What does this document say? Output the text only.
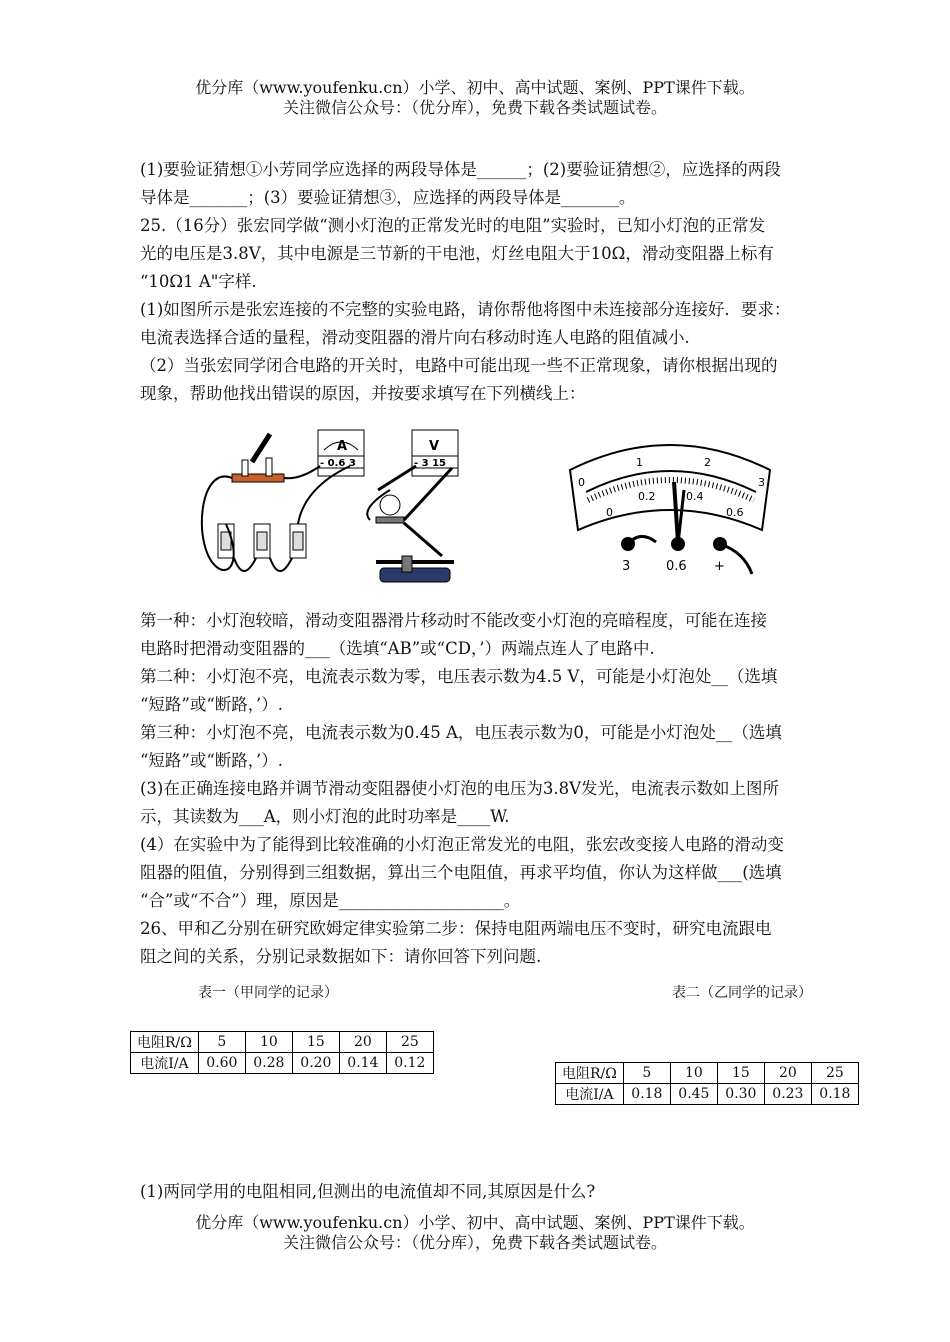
优分库（www.youfenku.cn）小学、初中、高中试题、案例、PPT课件下载。
关注微信公众号：（优分库），免费下载各类试题试卷。
(1)要验证猜想①小芳同学应选择的两段导体是______；(2)要验证猜想②，应选择的两段
导体是_______；(3）要验证猜想③，应选择的两段导体是_______。
25.（16分）张宏同学做“测小灯泡的正常发光时的电阻”实验时，已知小灯泡的正常发
光的电压是3.8V，其中电源是三节新的干电池，灯丝电阻大于10Ω，滑动变阻器上标有
“10Ω1 A"字样.
(1)如图所示是张宏连接的不完整的实验电路，请你帮他将图中未连接部分连接好．要求：
电流表选择合适的量程，滑动变阻器的滑片向右移动时连人电路的阻值减小.
（2）当张宏同学闭合电路的开关时，电路中可能出现一些不正常现象，请你根据出现的
现象，帮助他找出错误的原因，并按要求填写在下列横线上：
A
- 0.6 3
V
- 3 15
0
1	2
3
0
0.2	0.4
0.6
3	0.6 +
第一种：小灯泡较暗，滑动变阻器滑片移动时不能改变小灯泡的亮暗程度，可能在连接
电路时把滑动变阻器的___（选填“AB”或“CD，’）两端点连人了电路中.
第二种：小灯泡不亮，电流表示数为零，电压表示数为4.5 V，可能是小灯泡处__（选填
“短路”或“断路，’）.
第三种：小灯泡不亮，电流表示数为0.45 A，电压表示数为0，可能是小灯泡处__（选填
“短路”或“断路，’）.
(3)在正确连接电路并调节滑动变阻器使小灯泡的电压为3.8V发光，电流表示数如上图所
示，其读数为___A，则小灯泡的此时功率是____W.
(4）在实验中为了能得到比较准确的小灯泡正常发光的电阻，张宏改变接人电路的滑动变
阻器的阻值，分别得到三组数据，算出三个电阻值，再求平均值，你认为这样做___(选填
“合”或“不合”）理，原因是____________________。
26、甲和乙分别在研究欧姆定律实验第二步：保持电阻两端电压不变时，研究电流跟电
阻之间的关系，分别记录数据如下：请你回答下列问题.
表一（甲同学的记录）	表二（乙同学的记录）
电阻R/Ω	5	10	15	20	25
电流I/A	0.60	0.28	0.20	0.14	0.12
电阻R/Ω	5	10	15	20	25
电流I/A	0.18	0.45	0.30	0.23	0.18
(1)两同学用的电阻相同,但测出的电流值却不同,其原因是什么?
优分库（www.youfenku.cn）小学、初中、高中试题、案例、PPT课件下载。
关注微信公众号：（优分库），免费下载各类试题试卷。
